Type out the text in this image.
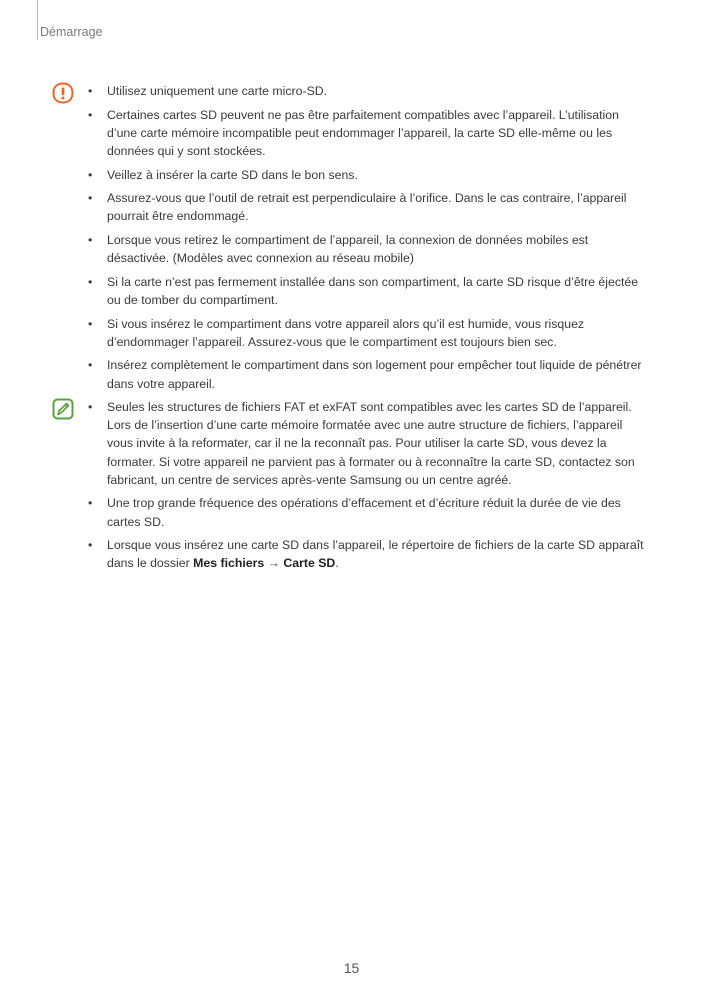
Démarrage
• Utilisez uniquement une carte micro-SD.
• Certaines cartes SD peuvent ne pas être parfaitement compatibles avec l’appareil. L’utilisation d’une carte mémoire incompatible peut endommager l’appareil, la carte SD elle-même ou les données qui y sont stockées.
• Veillez à insérer la carte SD dans le bon sens.
• Assurez-vous que l’outil de retrait est perpendiculaire à l’orifice. Dans le cas contraire, l’appareil pourrait être endommagé.
• Lorsque vous retirez le compartiment de l’appareil, la connexion de données mobiles est désactivée. (Modèles avec connexion au réseau mobile)
• Si la carte n’est pas fermement installée dans son compartiment, la carte SD risque d’être éjectée ou de tomber du compartiment.
• Si vous insérez le compartiment dans votre appareil alors qu’il est humide, vous risquez d’endommager l’appareil. Assurez-vous que le compartiment est toujours bien sec.
• Insérez complètement le compartiment dans son logement pour empêcher tout liquide de pénétrer dans votre appareil.
• Seules les structures de fichiers FAT et exFAT sont compatibles avec les cartes SD de l’appareil. Lors de l’insertion d’une carte mémoire formatée avec une autre structure de fichiers, l’appareil vous invite à la reformater, car il ne la reconnaît pas. Pour utiliser la carte SD, vous devez la formater. Si votre appareil ne parvient pas à formater ou à reconnaître la carte SD, contactez son fabricant, un centre de services après-vente Samsung ou un centre agréé.
• Une trop grande fréquence des opérations d’effacement et d’écriture réduit la durée de vie des cartes SD.
• Lorsque vous insérez une carte SD dans l’appareil, le répertoire de fichiers de la carte SD apparaît dans le dossier Mes fichiers → Carte SD.
15
